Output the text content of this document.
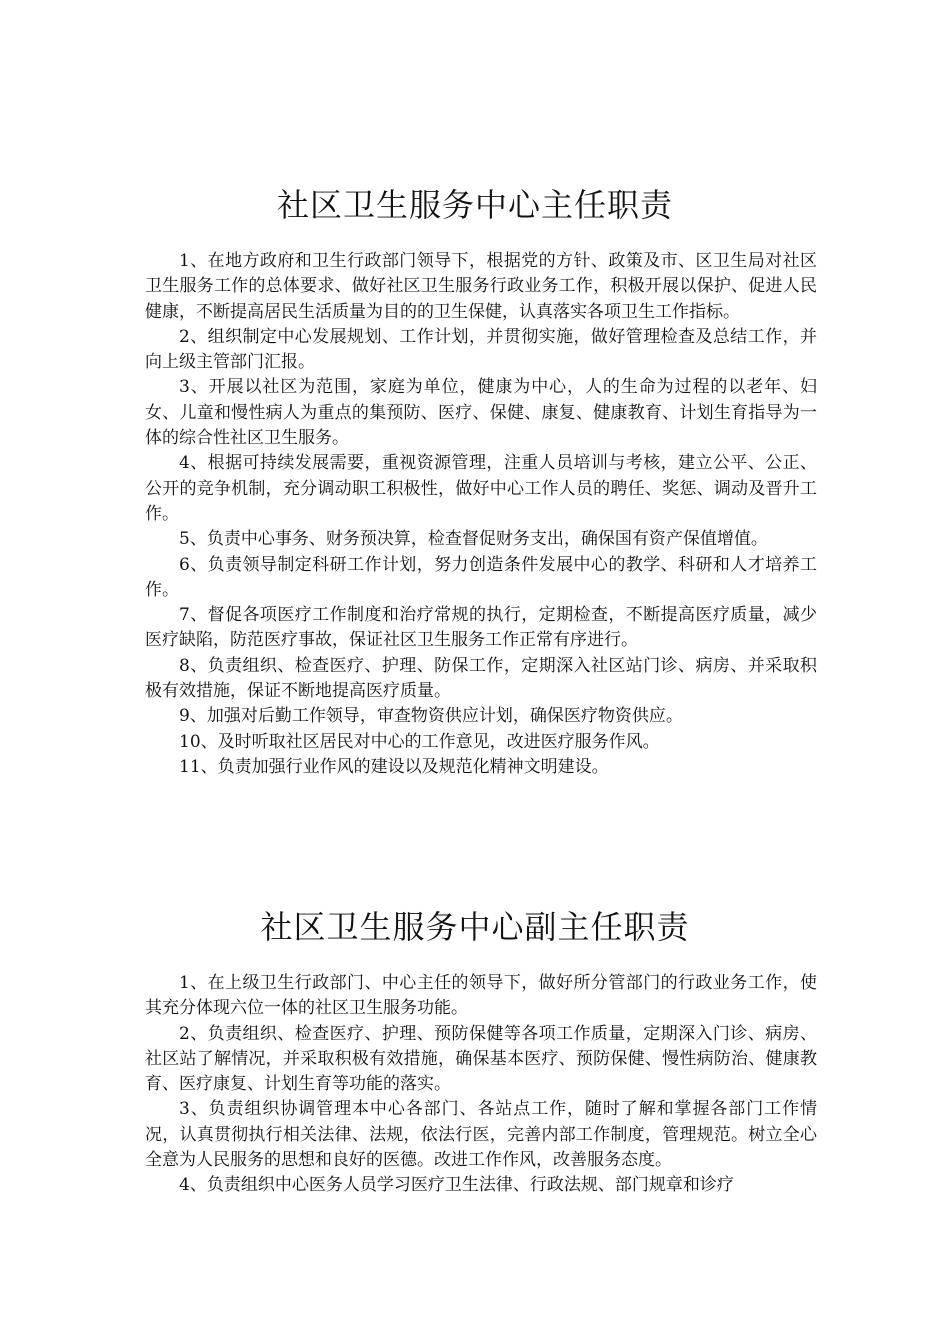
社区卫生服务中心主任职责

1、在地方政府和卫生行政部门领导下，根据党的方针、政策及市、区卫生局对社区卫生服务工作的总体要求、做好社区卫生服务行政业务工作，积极开展以保护、促进人民健康，不断提高居民生活质量为目的的卫生保健，认真落实各项卫生工作指标。

2、组织制定中心发展规划、工作计划，并贯彻实施，做好管理检查及总结工作，并向上级主管部门汇报。

3、开展以社区为范围，家庭为单位，健康为中心，人的生命为过程的以老年、妇女、儿童和慢性病人为重点的集预防、医疗、保健、康复、健康教育、计划生育指导为一体的综合性社区卫生服务。

4、根据可持续发展需要，重视资源管理，注重人员培训与考核，建立公平、公正、公开的竞争机制，充分调动职工积极性，做好中心工作人员的聘任、奖惩、调动及晋升工作。

5、负责中心事务、财务预决算，检查督促财务支出，确保国有资产保值增值。

6、负责领导制定科研工作计划，努力创造条件发展中心的教学、科研和人才培养工作。

7、督促各项医疗工作制度和治疗常规的执行，定期检查，不断提高医疗质量，减少医疗缺陷，防范医疗事故，保证社区卫生服务工作正常有序进行。

8、负责组织、检查医疗、护理、防保工作，定期深入社区站门诊、病房、并采取积极有效措施，保证不断地提高医疗质量。

9、加强对后勤工作领导，审查物资供应计划，确保医疗物资供应。

10、及时听取社区居民对中心的工作意见，改进医疗服务作风。

11、负责加强行业作风的建设以及规范化精神文明建设。

社区卫生服务中心副主任职责

1、在上级卫生行政部门、中心主任的领导下，做好所分管部门的行政业务工作，使其充分体现六位一体的社区卫生服务功能。

2、负责组织、检查医疗、护理、预防保健等各项工作质量，定期深入门诊、病房、社区站了解情况，并采取积极有效措施，确保基本医疗、预防保健、慢性病防治、健康教育、医疗康复、计划生育等功能的落实。

3、负责组织协调管理本中心各部门、各站点工作，随时了解和掌握各部门工作情况，认真贯彻执行相关法律、法规，依法行医，完善内部工作制度，管理规范。树立全心全意为人民服务的思想和良好的医德。改进工作作风，改善服务态度。

4、负责组织中心医务人员学习医疗卫生法律、行政法规、部门规章和诊疗
